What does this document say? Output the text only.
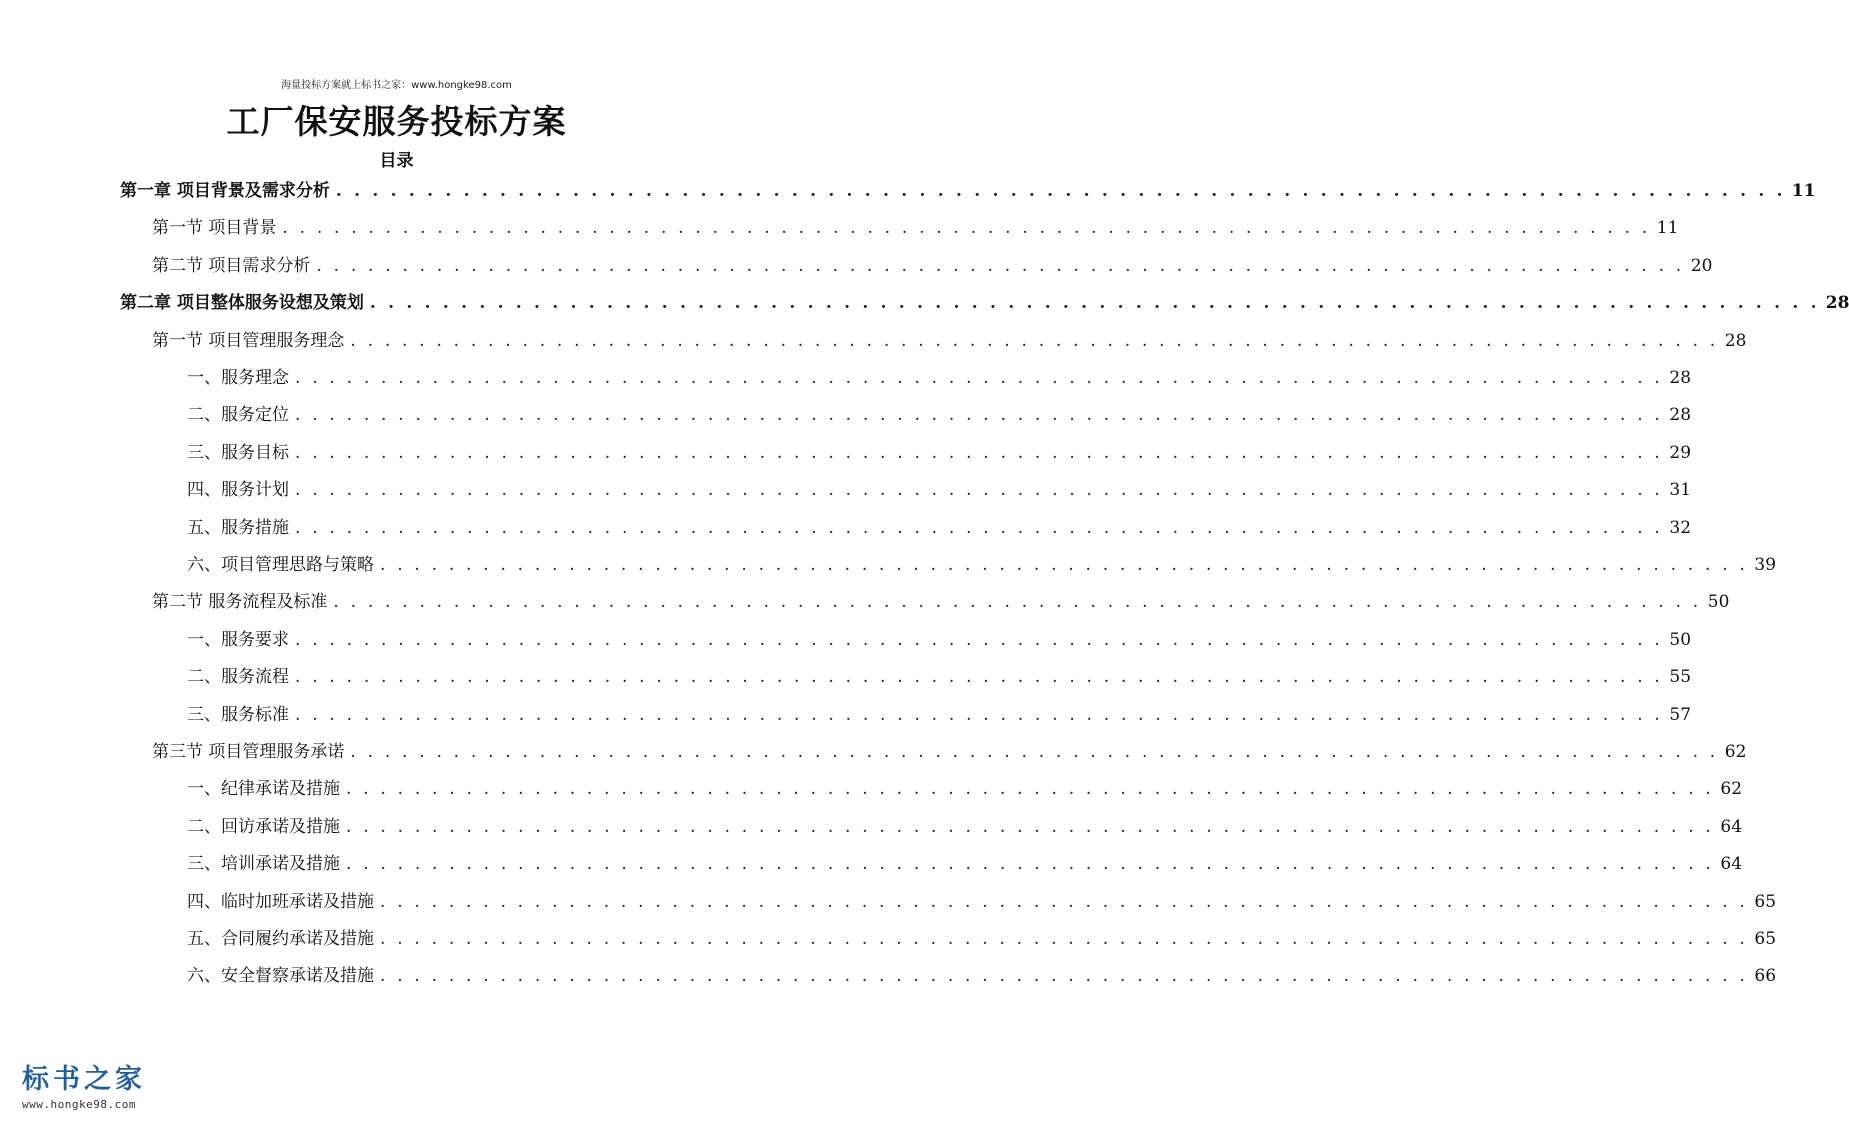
海量投标方案就上标书之家：www.hongke98.com
工厂保安服务投标方案
目录
第一章 项目背景及需求分析 . . . . . . . . . . . . . . . . . . . . . . . . . . . . . . . . . . . . . . . . . . . . . . . . . . . . . . . . . . . . . . . . . . . . . . . . . . . . . . . . 11
第一节 项目背景 . . . . . . . . . . . . . . . . . . . . . . . . . . . . . . . . . . . . . . . . . . . . . . . . . . . . . . . . . . . . . . . . . . . . . . . . . . . . . . . . 11
第二节 项目需求分析 . . . . . . . . . . . . . . . . . . . . . . . . . . . . . . . . . . . . . . . . . . . . . . . . . . . . . . . . . . . . . . . . . . . . . . . . . . . . . . . . 20
第二章 项目整体服务设想及策划 . . . . . . . . . . . . . . . . . . . . . . . . . . . . . . . . . . . . . . . . . . . . . . . . . . . . . . . . . . . . . . . . . . . . . . . . . . . . . . . . 28
第一节 项目管理服务理念 . . . . . . . . . . . . . . . . . . . . . . . . . . . . . . . . . . . . . . . . . . . . . . . . . . . . . . . . . . . . . . . . . . . . . . . . . . . . . . . . 28
一、服务理念 . . . . . . . . . . . . . . . . . . . . . . . . . . . . . . . . . . . . . . . . . . . . . . . . . . . . . . . . . . . . . . . . . . . . . . . . . . . . . . . . 28
二、服务定位 . . . . . . . . . . . . . . . . . . . . . . . . . . . . . . . . . . . . . . . . . . . . . . . . . . . . . . . . . . . . . . . . . . . . . . . . . . . . . . . . 28
三、服务目标 . . . . . . . . . . . . . . . . . . . . . . . . . . . . . . . . . . . . . . . . . . . . . . . . . . . . . . . . . . . . . . . . . . . . . . . . . . . . . . . . 29
四、服务计划 . . . . . . . . . . . . . . . . . . . . . . . . . . . . . . . . . . . . . . . . . . . . . . . . . . . . . . . . . . . . . . . . . . . . . . . . . . . . . . . . 31
五、服务措施 . . . . . . . . . . . . . . . . . . . . . . . . . . . . . . . . . . . . . . . . . . . . . . . . . . . . . . . . . . . . . . . . . . . . . . . . . . . . . . . . 32
六、项目管理思路与策略 . . . . . . . . . . . . . . . . . . . . . . . . . . . . . . . . . . . . . . . . . . . . . . . . . . . . . . . . . . . . . . . . . . . . . . . . . . . . . . . . 39
第二节 服务流程及标准 . . . . . . . . . . . . . . . . . . . . . . . . . . . . . . . . . . . . . . . . . . . . . . . . . . . . . . . . . . . . . . . . . . . . . . . . . . . . . . . . 50
一、服务要求 . . . . . . . . . . . . . . . . . . . . . . . . . . . . . . . . . . . . . . . . . . . . . . . . . . . . . . . . . . . . . . . . . . . . . . . . . . . . . . . . 50
二、服务流程 . . . . . . . . . . . . . . . . . . . . . . . . . . . . . . . . . . . . . . . . . . . . . . . . . . . . . . . . . . . . . . . . . . . . . . . . . . . . . . . . 55
三、服务标准 . . . . . . . . . . . . . . . . . . . . . . . . . . . . . . . . . . . . . . . . . . . . . . . . . . . . . . . . . . . . . . . . . . . . . . . . . . . . . . . . 57
第三节 项目管理服务承诺 . . . . . . . . . . . . . . . . . . . . . . . . . . . . . . . . . . . . . . . . . . . . . . . . . . . . . . . . . . . . . . . . . . . . . . . . . . . . . . . . 62
一、纪律承诺及措施 . . . . . . . . . . . . . . . . . . . . . . . . . . . . . . . . . . . . . . . . . . . . . . . . . . . . . . . . . . . . . . . . . . . . . . . . . . . . . . . . 62
二、回访承诺及措施 . . . . . . . . . . . . . . . . . . . . . . . . . . . . . . . . . . . . . . . . . . . . . . . . . . . . . . . . . . . . . . . . . . . . . . . . . . . . . . . . 64
三、培训承诺及措施 . . . . . . . . . . . . . . . . . . . . . . . . . . . . . . . . . . . . . . . . . . . . . . . . . . . . . . . . . . . . . . . . . . . . . . . . . . . . . . . . 64
四、临时加班承诺及措施 . . . . . . . . . . . . . . . . . . . . . . . . . . . . . . . . . . . . . . . . . . . . . . . . . . . . . . . . . . . . . . . . . . . . . . . . . . . . . . . . 65
五、合同履约承诺及措施 . . . . . . . . . . . . . . . . . . . . . . . . . . . . . . . . . . . . . . . . . . . . . . . . . . . . . . . . . . . . . . . . . . . . . . . . . . . . . . . . 65
六、安全督察承诺及措施 . . . . . . . . . . . . . . . . . . . . . . . . . . . . . . . . . . . . . . . . . . . . . . . . . . . . . . . . . . . . . . . . . . . . . . . . . . . . . . . . 66
标书之家
www.hongke98.com
